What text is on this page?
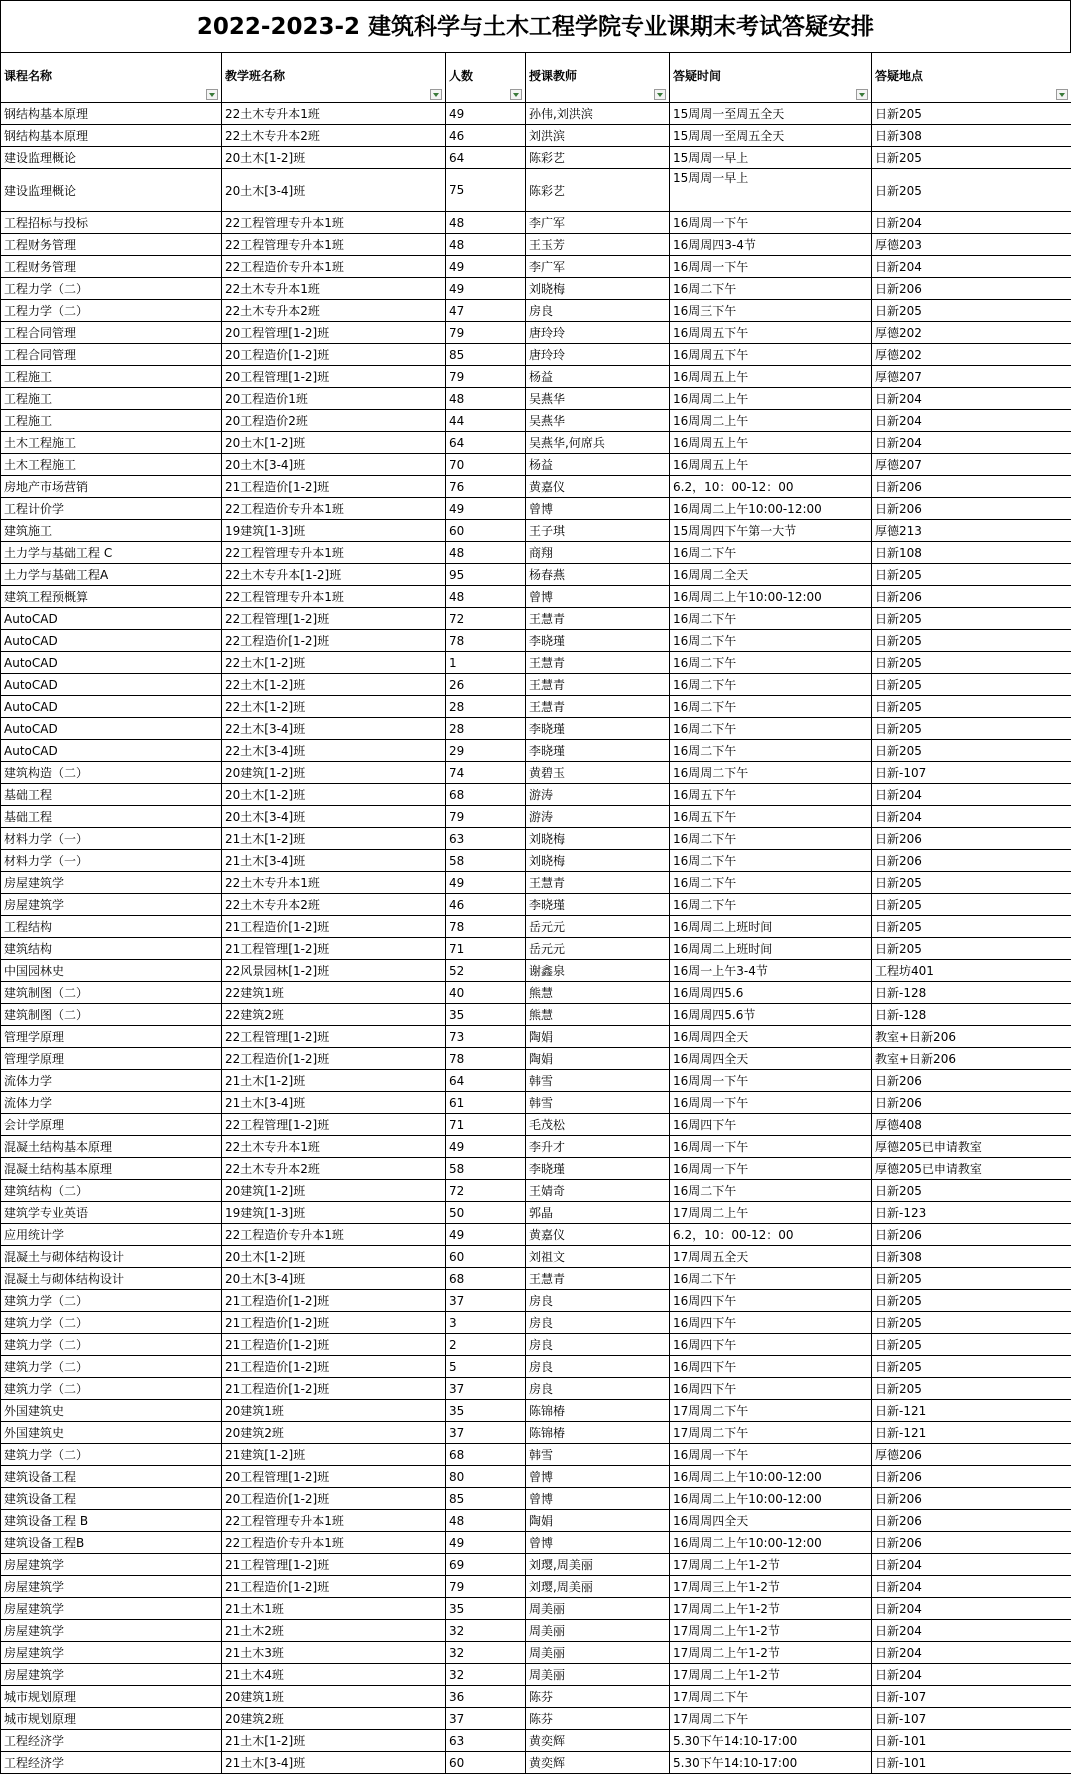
2022-2023-2 建筑科学与土木工程学院专业课期末考试答疑安排
课程名称	教学班名称	人数	授课教师	答疑时间	答疑地点

钢结构基本原理	22土木专升本1班	49	孙伟,刘洪滨	15周周一至周五全天	日新205
钢结构基本原理	22土木专升本2班	46	刘洪滨	15周周一至周五全天	日新308
建设监理概论	20土木[1-2]班	64	陈彩艺	15周周一早上	日新205
建设监理概论	20土木[3-4]班	75	陈彩艺	15周周一早上	日新205
工程招标与投标	22工程管理专升本1班	48	李广军	16周周一下午	日新204
工程财务管理	22工程管理专升本1班	48	王玉芳	16周周四3-4节	厚德203
工程财务管理	22工程造价专升本1班	49	李广军	16周周一下午	日新204
工程力学（二）	22土木专升本1班	49	刘晓梅	16周二下午	日新206
工程力学（二）	22土木专升本2班	47	房良	16周三下午	日新205
工程合同管理	20工程管理[1-2]班	79	唐玲玲	16周周五下午	厚德202
工程合同管理	20工程造价[1-2]班	85	唐玲玲	16周周五下午	厚德202
工程施工	20工程管理[1-2]班	79	杨益	16周周五上午	厚德207
工程施工	20工程造价1班	48	吴燕华	16周周二上午	日新204
工程施工	20工程造价2班	44	吴燕华	16周周二上午	日新204
土木工程施工	20土木[1-2]班	64	吴燕华,何席兵	16周周五上午	日新204
土木工程施工	20土木[3-4]班	70	杨益	16周周五上午	厚德207
房地产市场营销	21工程造价[1-2]班	76	黄嘉仪	6.2，10：00-12：00	日新206
工程计价学	22工程造价专升本1班	49	曾博	16周周二上午10:00-12:00	日新206
建筑施工	19建筑[1-3]班	60	王子琪	15周周四下午第一大节	厚德213
土力学与基础工程 C	22工程管理专升本1班	48	商翔	16周二下午	日新108
土力学与基础工程A	22土木专升本[1-2]班	95	杨春燕	16周周二全天	日新205
建筑工程预概算	22工程管理专升本1班	48	曾博	16周周二上午10:00-12:00	日新206
AutoCAD	22工程管理[1-2]班	72	王慧青	16周二下午	日新205
AutoCAD	22工程造价[1-2]班	78	李晓瑾	16周二下午	日新205
AutoCAD	22土木[1-2]班	1	王慧青	16周二下午	日新205
AutoCAD	22土木[1-2]班	26	王慧青	16周二下午	日新205
AutoCAD	22土木[1-2]班	28	王慧青	16周二下午	日新205
AutoCAD	22土木[3-4]班	28	李晓瑾	16周二下午	日新205
AutoCAD	22土木[3-4]班	29	李晓瑾	16周二下午	日新205
建筑构造（二）	20建筑[1-2]班	74	黄碧玉	16周周二下午	日新-107
基础工程	20土木[1-2]班	68	游涛	16周五下午	日新204
基础工程	20土木[3-4]班	79	游涛	16周五下午	日新204
材料力学（一）	21土木[1-2]班	63	刘晓梅	16周二下午	日新206
材料力学（一）	21土木[3-4]班	58	刘晓梅	16周二下午	日新206
房屋建筑学	22土木专升本1班	49	王慧青	16周二下午	日新205
房屋建筑学	22土木专升本2班	46	李晓瑾	16周二下午	日新205
工程结构	21工程造价[1-2]班	78	岳元元	16周周二上班时间	日新205
建筑结构	21工程管理[1-2]班	71	岳元元	16周周二上班时间	日新205
中国园林史	22风景园林[1-2]班	52	谢鑫泉	16周一上午3-4节	工程坊401
建筑制图（二）	22建筑1班	40	熊慧	16周周四5.6	日新-128
建筑制图（二）	22建筑2班	35	熊慧	16周周四5.6节	日新-128
管理学原理	22工程管理[1-2]班	73	陶娟	16周周四全天	教室+日新206
管理学原理	22工程造价[1-2]班	78	陶娟	16周周四全天	教室+日新206
流体力学	21土木[1-2]班	64	韩雪	16周周一下午	日新206
流体力学	21土木[3-4]班	61	韩雪	16周周一下午	日新206
会计学原理	22工程管理[1-2]班	71	毛茂松	16周四下午	厚德408
混凝土结构基本原理	22土木专升本1班	49	李升才	16周周一下午	厚德205已申请教室
混凝土结构基本原理	22土木专升本2班	58	李晓瑾	16周周一下午	厚德205已申请教室
建筑结构（二）	20建筑[1-2]班	72	王婧奇	16周二下午	日新205
建筑学专业英语	19建筑[1-3]班	50	郭晶	17周周二上午	日新-123
应用统计学	22工程造价专升本1班	49	黄嘉仪	6.2，10：00-12：00	日新206
混凝土与砌体结构设计	20土木[1-2]班	60	刘祖文	17周周五全天	日新308
混凝土与砌体结构设计	20土木[3-4]班	68	王慧青	16周二下午	日新205
建筑力学（二）	21工程造价[1-2]班	37	房良	16周四下午	日新205
建筑力学（二）	21工程造价[1-2]班	3	房良	16周四下午	日新205
建筑力学（二）	21工程造价[1-2]班	2	房良	16周四下午	日新205
建筑力学（二）	21工程造价[1-2]班	5	房良	16周四下午	日新205
建筑力学（二）	21工程造价[1-2]班	37	房良	16周四下午	日新205
外国建筑史	20建筑1班	35	陈锦椿	17周周二下午	日新-121
外国建筑史	20建筑2班	37	陈锦椿	17周周二下午	日新-121
建筑力学（二）	21建筑[1-2]班	68	韩雪	16周周一下午	厚德206
建筑设备工程	20工程管理[1-2]班	80	曾博	16周周二上午10:00-12:00	日新206
建筑设备工程	20工程造价[1-2]班	85	曾博	16周周二上午10:00-12:00	日新206
建筑设备工程 B	22工程管理专升本1班	48	陶娟	16周周四全天	日新206
建筑设备工程B	22工程造价专升本1班	49	曾博	16周周二上午10:00-12:00	日新206
房屋建筑学	21工程管理[1-2]班	69	刘璎,周美丽	17周周二上午1-2节	日新204
房屋建筑学	21工程造价[1-2]班	79	刘璎,周美丽	17周周三上午1-2节	日新204
房屋建筑学	21土木1班	35	周美丽	17周周二上午1-2节	日新204
房屋建筑学	21土木2班	32	周美丽	17周周二上午1-2节	日新204
房屋建筑学	21土木3班	32	周美丽	17周周二上午1-2节	日新204
房屋建筑学	21土木4班	32	周美丽	17周周二上午1-2节	日新204
城市规划原理	20建筑1班	36	陈芬	17周周二下午	日新-107
城市规划原理	20建筑2班	37	陈芬	17周周二下午	日新-107
工程经济学	21土木[1-2]班	63	黄奕辉	5.30下午14:10-17:00	日新-101
工程经济学	21土木[3-4]班	60	黄奕辉	5.30下午14:10-17:00	日新-101
